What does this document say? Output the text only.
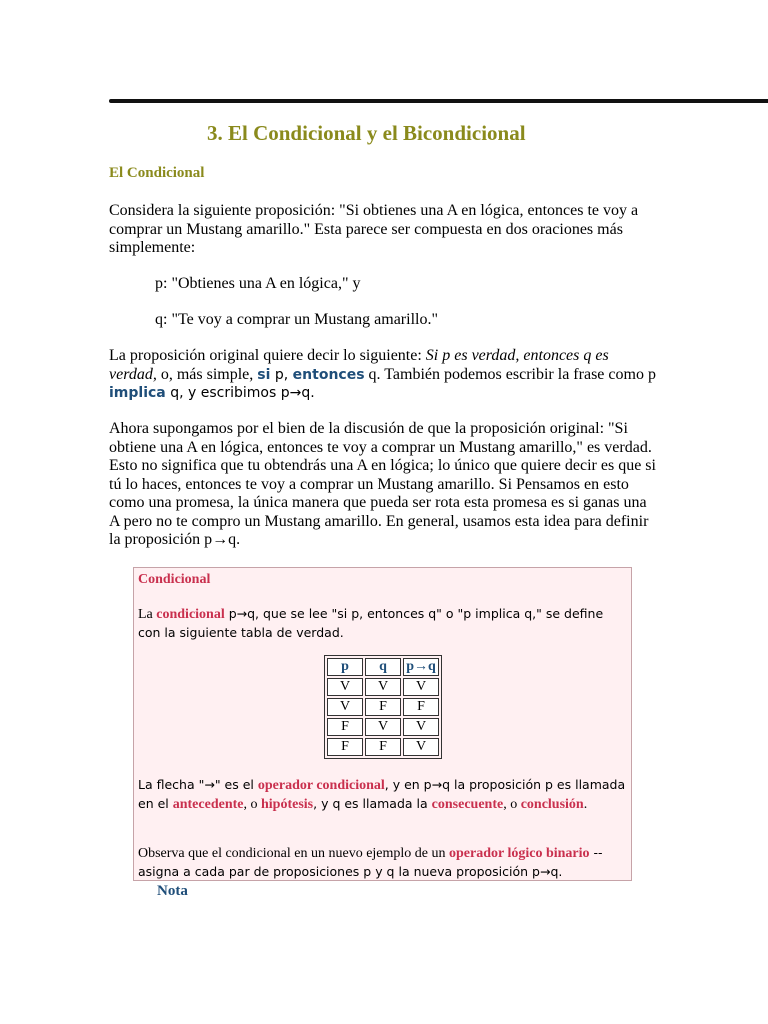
3. El Condicional y el Bicondicional
El Condicional

Considera la siguiente proposición: "Si obtienes una A en lógica, entonces te voy a comprar un Mustang amarillo." Esta parece ser compuesta en dos oraciones más simplemente:

p: "Obtienes una A en lógica," y

q: "Te voy a comprar un Mustang amarillo."

La proposición original quiere decir lo siguiente: Si p es verdad, entonces q es verdad, o, más simple, si p, entonces q. También podemos escribir la frase como p implica q, y escribimos p→q.

Ahora supongamos por el bien de la discusión de que la proposición original: "Si obtiene una A en lógica, entonces te voy a comprar un Mustang amarillo," es verdad. Esto no significa que tu obtendrás una A en lógica; lo único que quiere decir es que si tú lo haces, entonces te voy a comprar un Mustang amarillo. Si Pensamos en esto como una promesa, la única manera que pueda ser rota esta promesa es si ganas una A pero no te compro un Mustang amarillo. En general, usamos esta idea para definir la proposición p→q.

Condicional

La condicional p→q, que se lee "si p, entonces q" o "p implica q," se define con la siguiente tabla de verdad.

p	q	p→q
V	V	V
V	F	F
F	V	V
F	F	V

La flecha "→" es el operador condicional, y en p→q la proposición p es llamada en el antecedente, o hipótesis, y q es llamada la consecuente, o conclusión.

Observa que el condicional en un nuevo ejemplo de un operador lógico binario -- asigna a cada par de proposiciones p y q la nueva proposición p→q.

Nota
